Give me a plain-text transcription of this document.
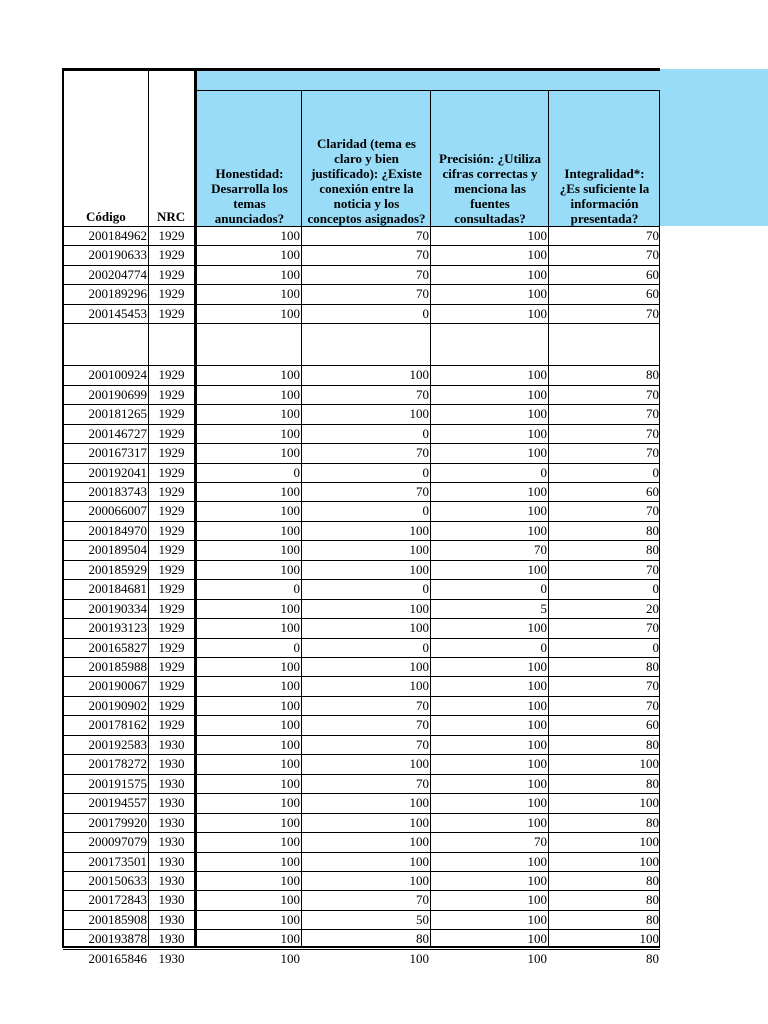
Código NRC
Honestidad:
Desarrolla los
temas
anunciados?
Claridad (tema es
claro y bien
justificado): ¿Existe
conexión entre la
noticia y los
conceptos asignados?
Precisión: ¿Utiliza
cifras correctas y
menciona las
fuentes
consultadas?
Integralidad*:
¿Es suficiente la
información
presentada?
200184962 1929	100	70	100	70
200190633 1929	100	70	100	70
200204774 1929	100	70	100	60
200189296 1929	100	70	100	60
200145453 1929	100	0	100	70
200100924 1929	100	100	100	80
200190699 1929	100	70	100	70
200181265 1929	100	100	100	70
200146727 1929	100	0	100	70
200167317 1929	100	70	100	70
200192041 1929	0	0	0	0
200183743 1929	100	70	100	60
200066007 1929	100	0	100	70
200184970 1929	100	100	100	80
200189504 1929	100	100	70	80
200185929 1929	100	100	100	70
200184681 1929	0	0	0	0
200190334 1929	100	100	5	20
200193123 1929	100	100	100	70
200165827 1929	0	0	0	0
200185988 1929	100	100	100	80
200190067 1929	100	100	100	70
200190902 1929	100	70	100	70
200178162 1929	100	70	100	60
200192583 1930	100	70	100	80
200178272 1930	100	100	100	100
200191575 1930	100	70	100	80
200194557 1930	100	100	100	100
200179920 1930	100	100	100	80
200097079 1930	100	100	70	100
200173501 1930	100	100	100	100
200150633 1930	100	100	100	80
200172843 1930	100	70	100	80
200185908 1930	100	50	100	80
200193878 1930	100	80	100	100
200165846 1930	100	100	100	80
